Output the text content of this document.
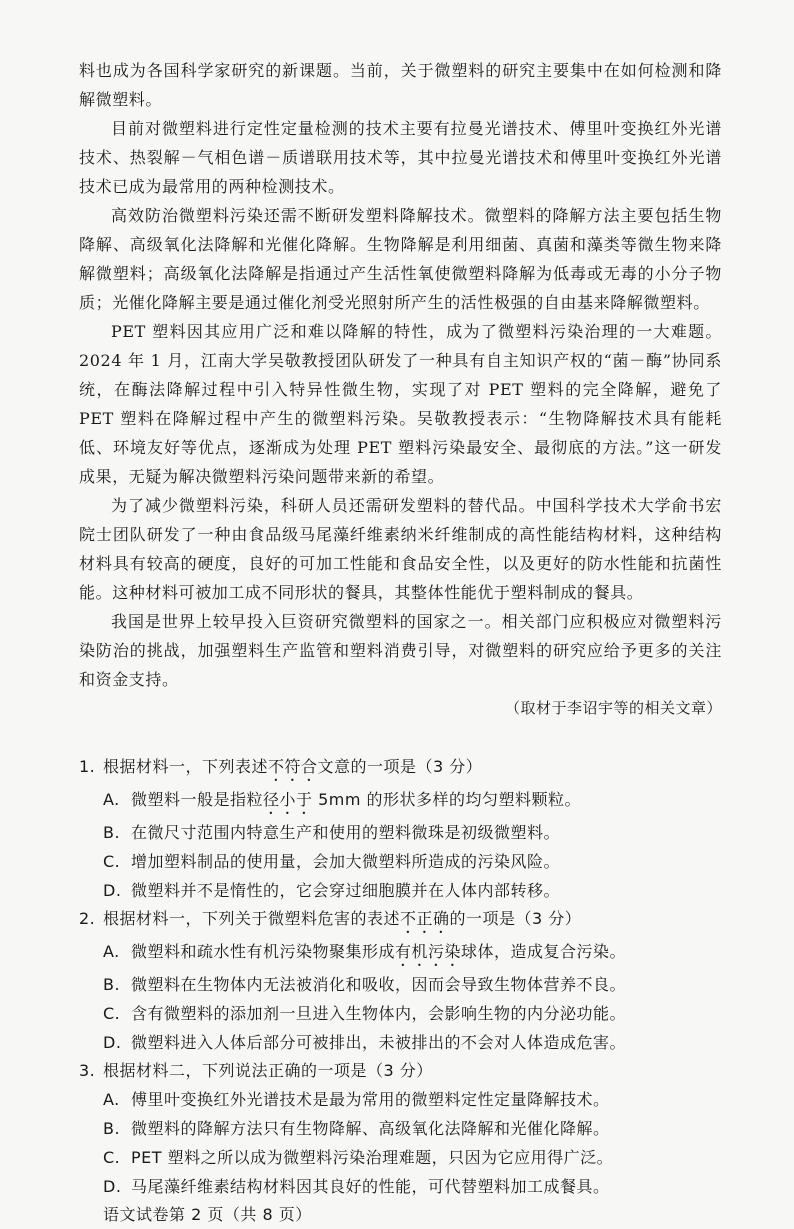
料也成为各国科学家研究的新课题。当前，关于微塑料的研究主要集中在如何检测和降解微塑料。

目前对微塑料进行定性定量检测的技术主要有拉曼光谱技术、傅里叶变换红外光谱技术、热裂解－气相色谱－质谱联用技术等，其中拉曼光谱技术和傅里叶变换红外光谱技术已成为最常用的两种检测技术。

高效防治微塑料污染还需不断研发塑料降解技术。微塑料的降解方法主要包括生物降解、高级氧化法降解和光催化降解。生物降解是利用细菌、真菌和藻类等微生物来降解微塑料；高级氧化法降解是指通过产生活性氧使微塑料降解为低毒或无毒的小分子物质；光催化降解主要是通过催化剂受光照射所产生的活性极强的自由基来降解微塑料。

PET 塑料因其应用广泛和难以降解的特性，成为了微塑料污染治理的一大难题。2024 年 1 月，江南大学吴敬教授团队研发了一种具有自主知识产权的“菌－酶”协同系统，在酶法降解过程中引入特异性微生物，实现了对 PET 塑料的完全降解，避免了 PET 塑料在降解过程中产生的微塑料污染。吴敬教授表示：“生物降解技术具有能耗低、环境友好等优点，逐渐成为处理 PET 塑料污染最安全、最彻底的方法。”这一研发成果，无疑为解决微塑料污染问题带来新的希望。

为了减少微塑料污染，科研人员还需研发塑料的替代品。中国科学技术大学俞书宏院士团队研发了一种由食品级马尾藻纤维素纳米纤维制成的高性能结构材料，这种结构材料具有较高的硬度，良好的可加工性能和食品安全性，以及更好的防水性能和抗菌性能。这种材料可被加工成不同形状的餐具，其整体性能优于塑料制成的餐具。

我国是世界上较早投入巨资研究微塑料的国家之一。相关部门应积极应对微塑料污染防治的挑战，加强塑料生产监管和塑料消费引导，对微塑料的研究应给予更多的关注和资金支持。

（取材于李诏宇等的相关文章）

1. 根据材料一，下列表述不符合文意的一项是（3 分）

A. 微塑料一般是指粒径小于 5mm 的形状多样的均匀塑料颗粒。

B. 在微尺寸范围内特意生产和使用的塑料微珠是初级微塑料。

C. 增加塑料制品的使用量，会加大微塑料所造成的污染风险。

D. 微塑料并不是惰性的，它会穿过细胞膜并在人体内部转移。

2. 根据材料一，下列关于微塑料危害的表述不正确的一项是（3 分）

A. 微塑料和疏水性有机污染物聚集形成有机污染球体，造成复合污染。

B. 微塑料在生物体内无法被消化和吸收，因而会导致生物体营养不良。

C. 含有微塑料的添加剂一旦进入生物体内，会影响生物的内分泌功能。

D. 微塑料进入人体后部分可被排出，未被排出的不会对人体造成危害。

3. 根据材料二，下列说法正确的一项是（3 分）

A. 傅里叶变换红外光谱技术是最为常用的微塑料定性定量降解技术。

B. 微塑料的降解方法只有生物降解、高级氧化法降解和光催化降解。

C. PET 塑料之所以成为微塑料污染治理难题，只因为它应用得广泛。

D. 马尾藻纤维素结构材料因其良好的性能，可代替塑料加工成餐具。

语文试卷第 2 页（共 8 页）
